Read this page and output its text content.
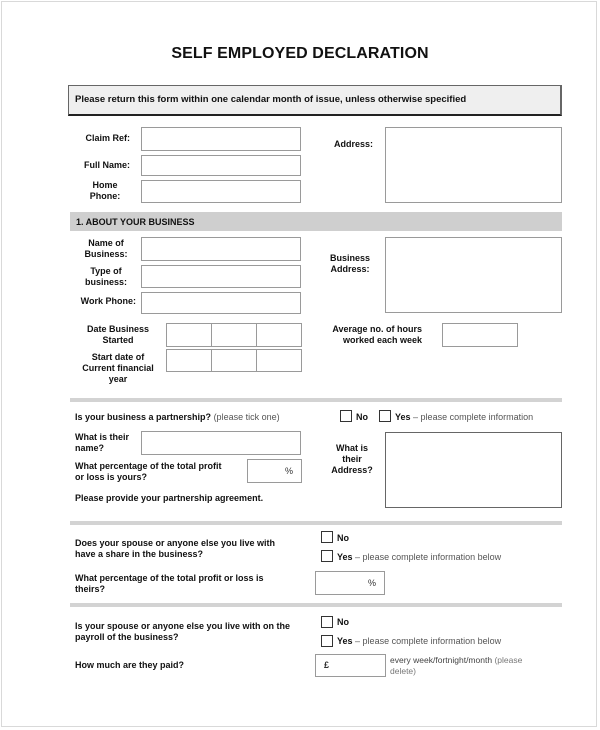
SELF EMPLOYED DECLARATION
Please return this form within one calendar month of issue, unless otherwise specified
Claim Ref:
Full Name:
Home
Phone:
Address:
1. ABOUT YOUR BUSINESS
Name of
Business:
Type of
business:
Work Phone:
Business
Address:
Date Business
Started
Start date of
Current financial
year
Average no. of hours
worked each week
Is your business a partnership? (please tick one)	No	Yes – please complete information
What is their
name?
What percentage of the total profit
or loss is yours?
%
Please provide your partnership agreement.
What is
their
Address?
Does your spouse or anyone else you live with
have a share in the business?
No
Yes – please complete information below
What percentage of the total profit or loss is
theirs?
%
Is your spouse or anyone else you live with on the
payroll of the business?
No
Yes – please complete information below
How much are they paid?	£	every week/fortnight/month (please
delete)
